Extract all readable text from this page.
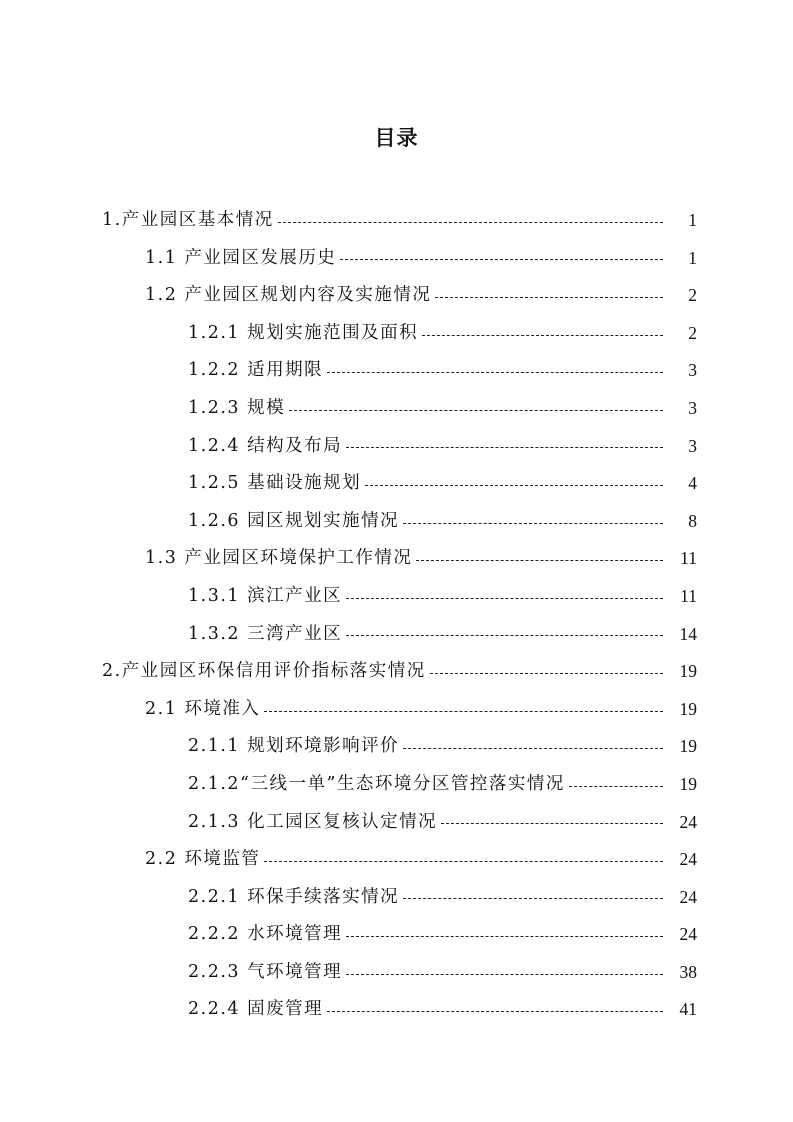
目录
1.产业园区基本情况	1
1.1 产业园区发展历史	1
1.2 产业园区规划内容及实施情况	2
1.2.1 规划实施范围及面积	2
1.2.2 适用期限	3
1.2.3 规模	3
1.2.4 结构及布局	3
1.2.5 基础设施规划	4
1.2.6 园区规划实施情况	8
1.3 产业园区环境保护工作情况	11
1.3.1 滨江产业区	11
1.3.2 三湾产业区	14
2.产业园区环保信用评价指标落实情况	19
2.1 环境准入	19
2.1.1 规划环境影响评价	19
2.1.2“三线一单”生态环境分区管控落实情况	19
2.1.3 化工园区复核认定情况	24
2.2 环境监管	24
2.2.1 环保手续落实情况	24
2.2.2 水环境管理	24
2.2.3 气环境管理	38
2.2.4 固废管理	41
